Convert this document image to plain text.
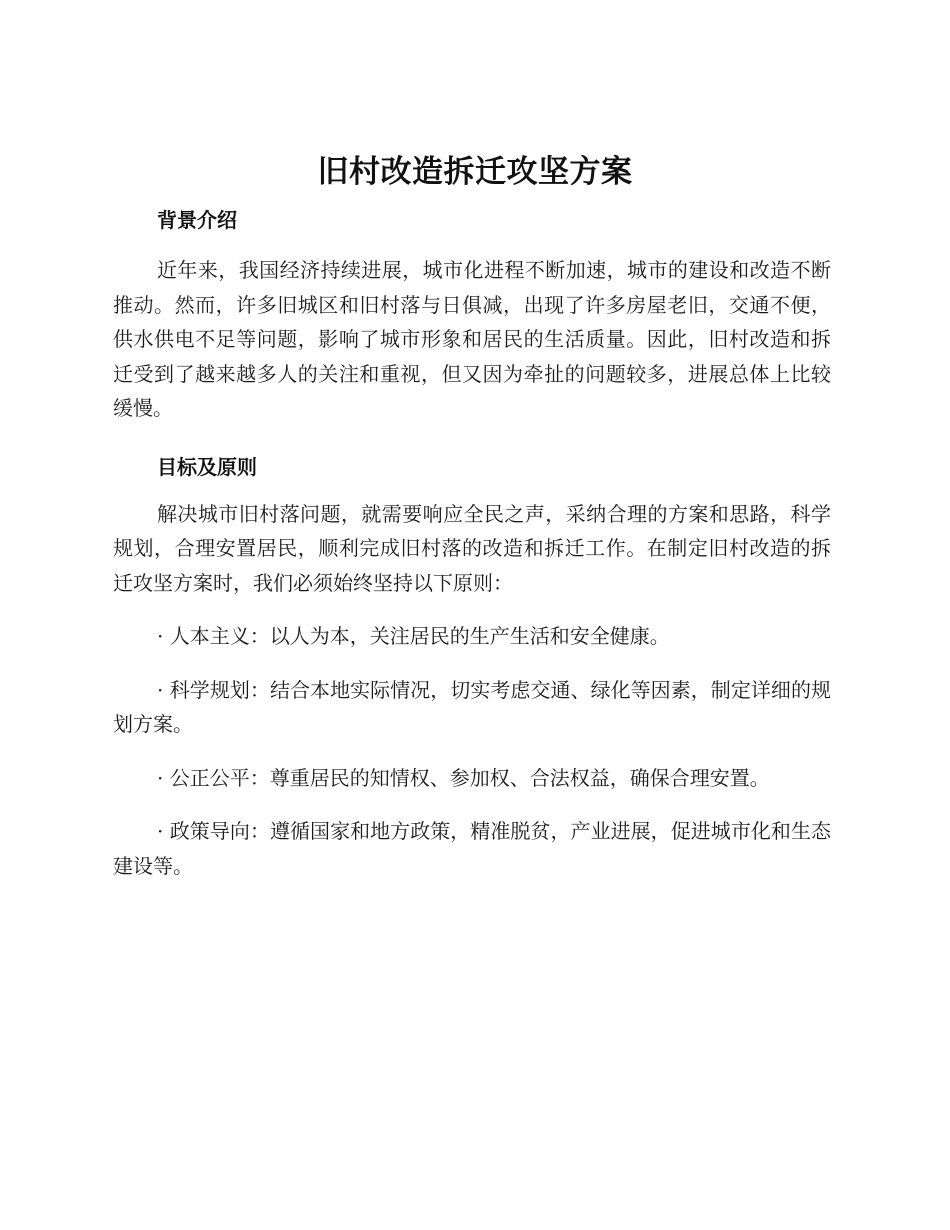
旧村改造拆迁攻坚方案
背景介绍

近年来，我国经济持续进展，城市化进程不断加速，城市的建设和改造不断推动。然而，许多旧城区和旧村落与日俱减，出现了许多房屋老旧，交通不便，供水供电不足等问题，影响了城市形象和居民的生活质量。因此，旧村改造和拆迁受到了越来越多人的关注和重视，但又因为牵扯的问题较多，进展总体上比较缓慢。

目标及原则

解决城市旧村落问题，就需要响应全民之声，采纳合理的方案和思路，科学规划，合理安置居民，顺利完成旧村落的改造和拆迁工作。在制定旧村改造的拆迁攻坚方案时，我们必须始终坚持以下原则：

· 人本主义：以人为本，关注居民的生产生活和安全健康。

· 科学规划：结合本地实际情况，切实考虑交通、绿化等因素，制定详细的规划方案。

· 公正公平：尊重居民的知情权、参加权、合法权益，确保合理安置。

· 政策导向：遵循国家和地方政策，精准脱贫，产业进展，促进城市化和生态建设等。
